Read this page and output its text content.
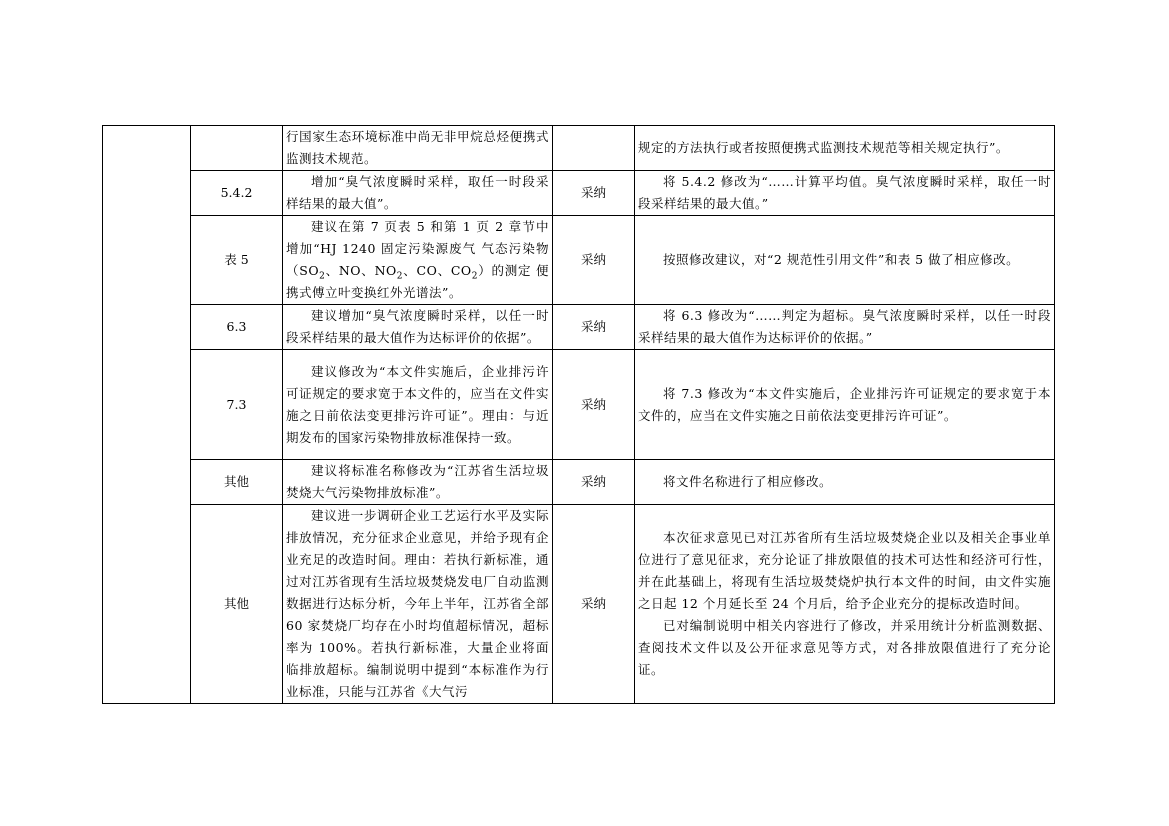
		行国家生态环境标准中尚无非甲烷总烃便携式监测技术规范。		规定的方法执行或者按照便携式监测技术规范等相关规定执行”。

	5.4.2	增加“臭气浓度瞬时采样，取任一时段采样结果的最大值”。	采纳	将 5.4.2 修改为“……计算平均值。臭气浓度瞬时采样，取任一时段采样结果的最大值。”

	表 5	建议在第 7 页表 5 和第 1 页 2 章节中增加“HJ 1240 固定污染源废气 气态污染物（$SO_2$、NO、$NO_2$、CO、$CO_2$）的测定 便携式傅立叶变换红外光谱法”。	采纳	按照修改建议，对“2 规范性引用文件”和表 5 做了相应修改。

	6.3	建议增加“臭气浓度瞬时采样，以任一时段采样结果的最大值作为达标评价的依据”。	采纳	将 6.3 修改为“……判定为超标。臭气浓度瞬时采样，以任一时段采样结果的最大值作为达标评价的依据。”

	7.3	建议修改为“本文件实施后，企业排污许可证规定的要求宽于本文件的，应当在文件实施之日前依法变更排污许可证”。理由：与近期发布的国家污染物排放标准保持一致。	采纳	将 7.3 修改为“本文件实施后，企业排污许可证规定的要求宽于本文件的，应当在文件实施之日前依法变更排污许可证”。

	其他	建议将标准名称修改为“江苏省生活垃圾焚烧大气污染物排放标准”。	采纳	将文件名称进行了相应修改。

	其他	建议进一步调研企业工艺运行水平及实际排放情况，充分征求企业意见，并给予现有企业充足的改造时间。理由：若执行新标准，通过对江苏省现有生活垃圾焚烧发电厂自动监测数据进行达标分析，今年上半年，江苏省全部 60 家焚烧厂均存在小时均值超标情况，超标率为 100%。若执行新标准，大量企业将面临排放超标。编制说明中提到“本标准作为行业标准，只能与江苏省《大气污	采纳	本次征求意见已对江苏省所有生活垃圾焚烧企业以及相关企事业单位进行了意见征求，充分论证了排放限值的技术可达性和经济可行性，并在此基础上，将现有生活垃圾焚烧炉执行本文件的时间，由文件实施之日起 12 个月延长至 24 个月后，给予企业充分的提标改造时间。
已对编制说明中相关内容进行了修改，并采用统计分析监测数据、查阅技术文件以及公开征求意见等方式，对各排放限值进行了充分论证。
